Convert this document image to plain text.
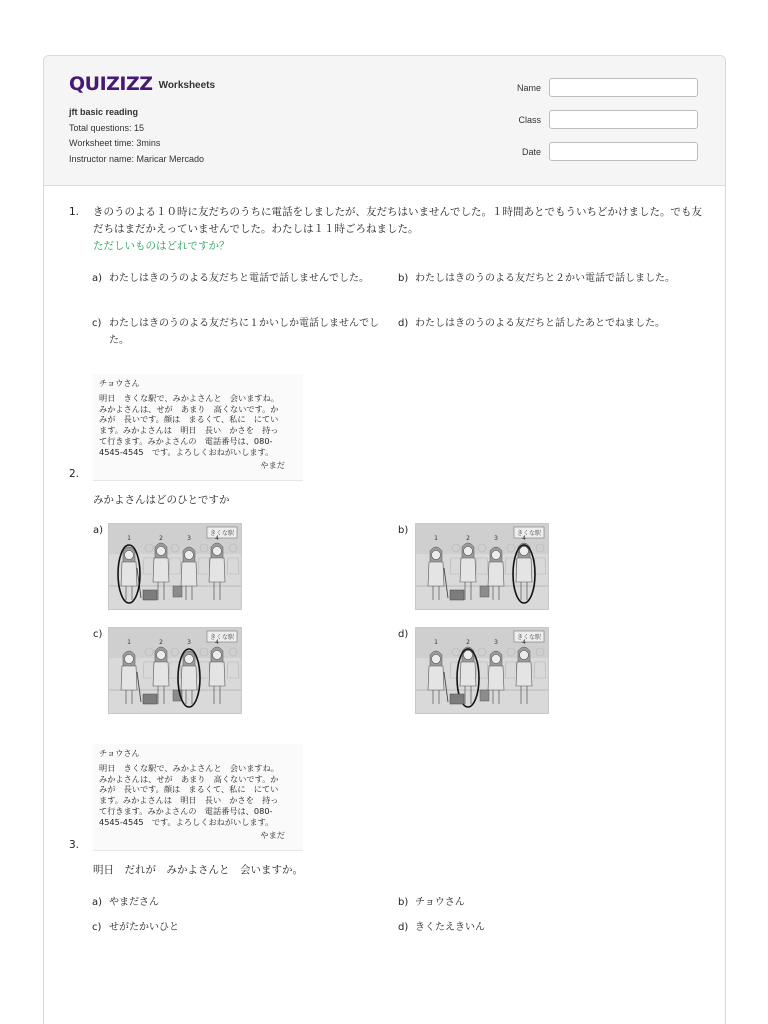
QUIZIZZ Worksheets
jft basic reading
Total questions: 15
Worksheet time: 3mins
Instructor name: Maricar Mercado
Name
Class
Date
1. きのうのよる１０時に友だちのうちに電話をしましたが、友だちはいませんでした。１時間あとでもういちどかけました。でも友だちはまだかえっていませんでした。わたしは１１時ごろねました。
ただしいものはどれですか？
a) わたしはきのうのよる友だちと電話で話しませんでした。	b) わたしはきのうのよる友だちと２かい電話で話しました。
c) わたしはきのうのよる友だちに１かいしか電話しませんでした。
d) わたしはきのうのよる友だちと話したあとでねました。
チョウさん
明日　きくな駅で、みかよさんと　会いますね。
みかよさんは、せが　あまり　高くないです。か
みが　長いです。顔は　まるくて、私に　にてい
ます。みかよさんは　明日　長い　かさを　持っ
て行きます。みかよさんの　電話番号は、080-
4545-4545　です。よろしくおねがいします。
やまだ
2.
みかよさんはどのひとですか
a)	きくな駅
1	2	3	4
b)	きくな駅
1	2	3	4
c)	きくな駅
1	2	3	4
d)	きくな駅
1	2	3	4
チョウさん
明日　きくな駅で、みかよさんと　会いますね。
みかよさんは、せが　あまり　高くないです。か
みが　長いです。顔は　まるくて、私に　にてい
ます。みかよさんは　明日　長い　かさを　持っ
て行きます。みかよさんの　電話番号は、080-
4545-4545　です。よろしくおねがいします。
やまだ
3.
明日　だれが　みかよさんと　会いますか。
a) やまださん	b) チョウさん
c) せがたかいひと	d) きくたえきいん
